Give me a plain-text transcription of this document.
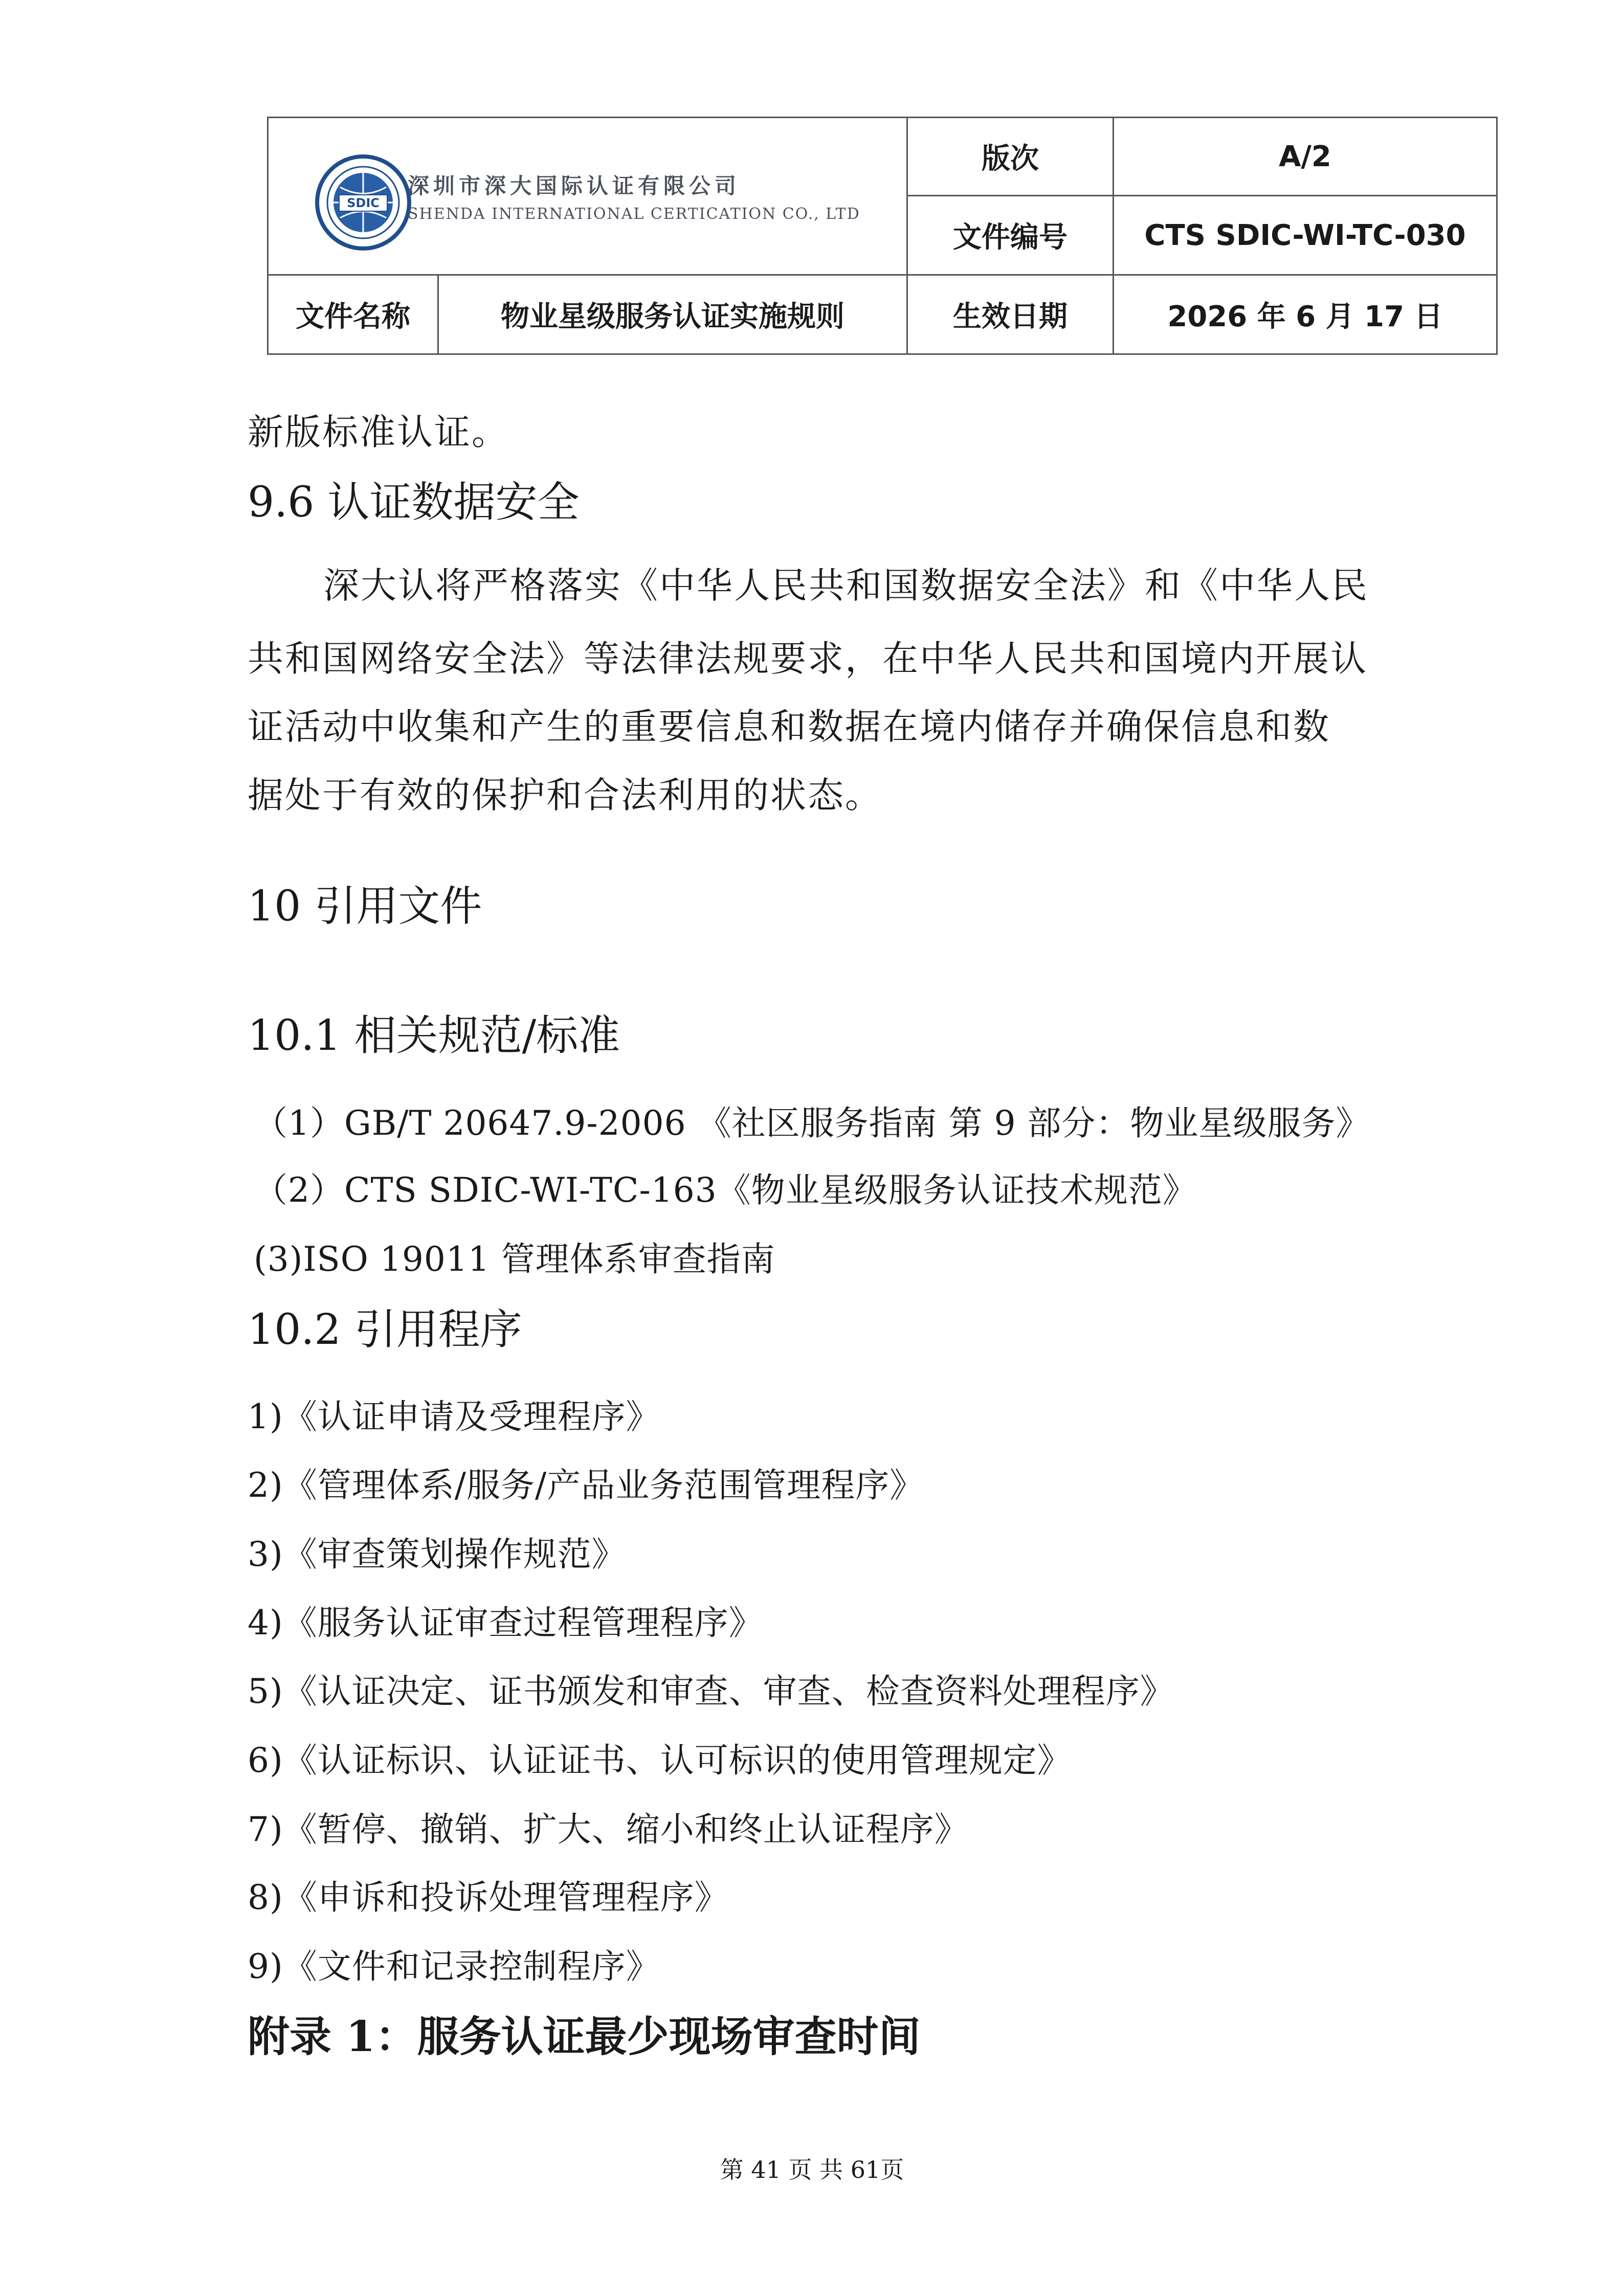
SDIC
深圳市深大国际认证有限公司
SHENDA INTERNATIONAL CERTICATION CO., LTD
版次	A/2
文件编号	CTS SDIC-WI-TC-030
文件名称	物业星级服务认证实施规则	生效日期	2026 年 6 月 17 日
新版标准认证。
9.6 认证数据安全
深大认将严格落实《中华人民共和国数据安全法》和《中华人民
共和国网络安全法》等法律法规要求，在中华人民共和国境内开展认
证活动中收集和产生的重要信息和数据在境内储存并确保信息和数
据处于有效的保护和合法利用的状态。
10 引用文件
10.1 相关规范/标准
（1）GB/T 20647.9-2006 《社区服务指南 第 9 部分：物业星级服务》
（2）CTS SDIC-WI-TC-163《物业星级服务认证技术规范》
(3)ISO 19011 管理体系审查指南
10.2 引用程序
1)《认证申请及受理程序》
2)《管理体系/服务/产品业务范围管理程序》
3)《审查策划操作规范》
4)《服务认证审查过程管理程序》
5)《认证决定、证书颁发和审查、审查、检查资料处理程序》
6)《认证标识、认证证书、认可标识的使用管理规定》
7)《暂停、撤销、扩大、缩小和终止认证程序》
8)《申诉和投诉处理管理程序》
9)《文件和记录控制程序》
附录 1：服务认证最少现场审查时间
第 41 页 共 61页
